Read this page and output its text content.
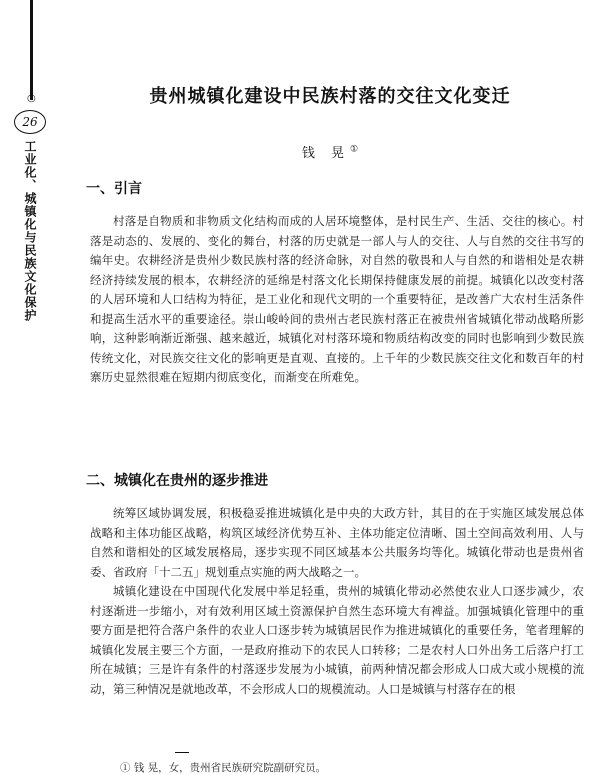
○
26
工业化、城镇化与民族文化保护
贵州城镇化建设中民族村落的交往文化变迁
钱 晃①
一、引言
村落是自物质和非物质文化结构而成的人居环境整体，是村民生产、生活、交往的核心。村落是动态的、发展的、变化的舞台，村落的历史就是一部人与人的交往、人与自然的交往书写的编年史。农耕经济是贵州少数民族村落的经济命脉，对自然的敬畏和人与自然的和谐相处是农耕经济持续发展的根本，农耕经济的延绵是村落文化长期保持健康发展的前提。城镇化以改变村落的人居环境和人口结构为特征，是工业化和现代文明的一个重要特征，是改善广大农村生活条件和提高生活水平的重要途径。崇山峻岭间的贵州古老民族村落正在被贵州省城镇化带动战略所影响，这种影响渐近渐强、越来越近，城镇化对村落环境和物质结构改变的同时也影响到少数民族传统文化，对民族交往文化的影响更是直观、直接的。上千年的少数民族交往文化和数百年的村寨历史显然很难在短期内彻底变化，而渐变在所难免。
二、城镇化在贵州的逐步推进
统筹区域协调发展，积极稳妥推进城镇化是中央的大政方针，其目的在于实施区域发展总体战略和主体功能区战略，构筑区域经济优势互补、主体功能定位清晰、国土空间高效利用、人与自然和谐相处的区域发展格局，逐步实现不同区域基本公共服务均等化。城镇化带动也是贵州省委、省政府「十二五」规划重点实施的两大战略之一。
城镇化建设在中国现代化发展中举足轻重，贵州的城镇化带动必然使农业人口逐步减少，农村逐渐进一步缩小，对有效利用区域土资源保护自然生态环境大有裨益。加强城镇化管理中的重要方面是把符合落户条件的农业人口逐步转为城镇居民作为推进城镇化的重要任务，笔者理解的城镇化发展主要三个方面，一是政府推动下的农民人口转移；二是农村人口外出务工后落户打工所在城镇；三是许有条件的村落逐步发展为小城镇，前两种情况都会形成人口成大或小规模的流动，第三种情况是就地改革，不会形成人口的规模流动。人口是城镇与村落存在的根
① 钱 晃，女，贵州省民族研究院副研究员。
